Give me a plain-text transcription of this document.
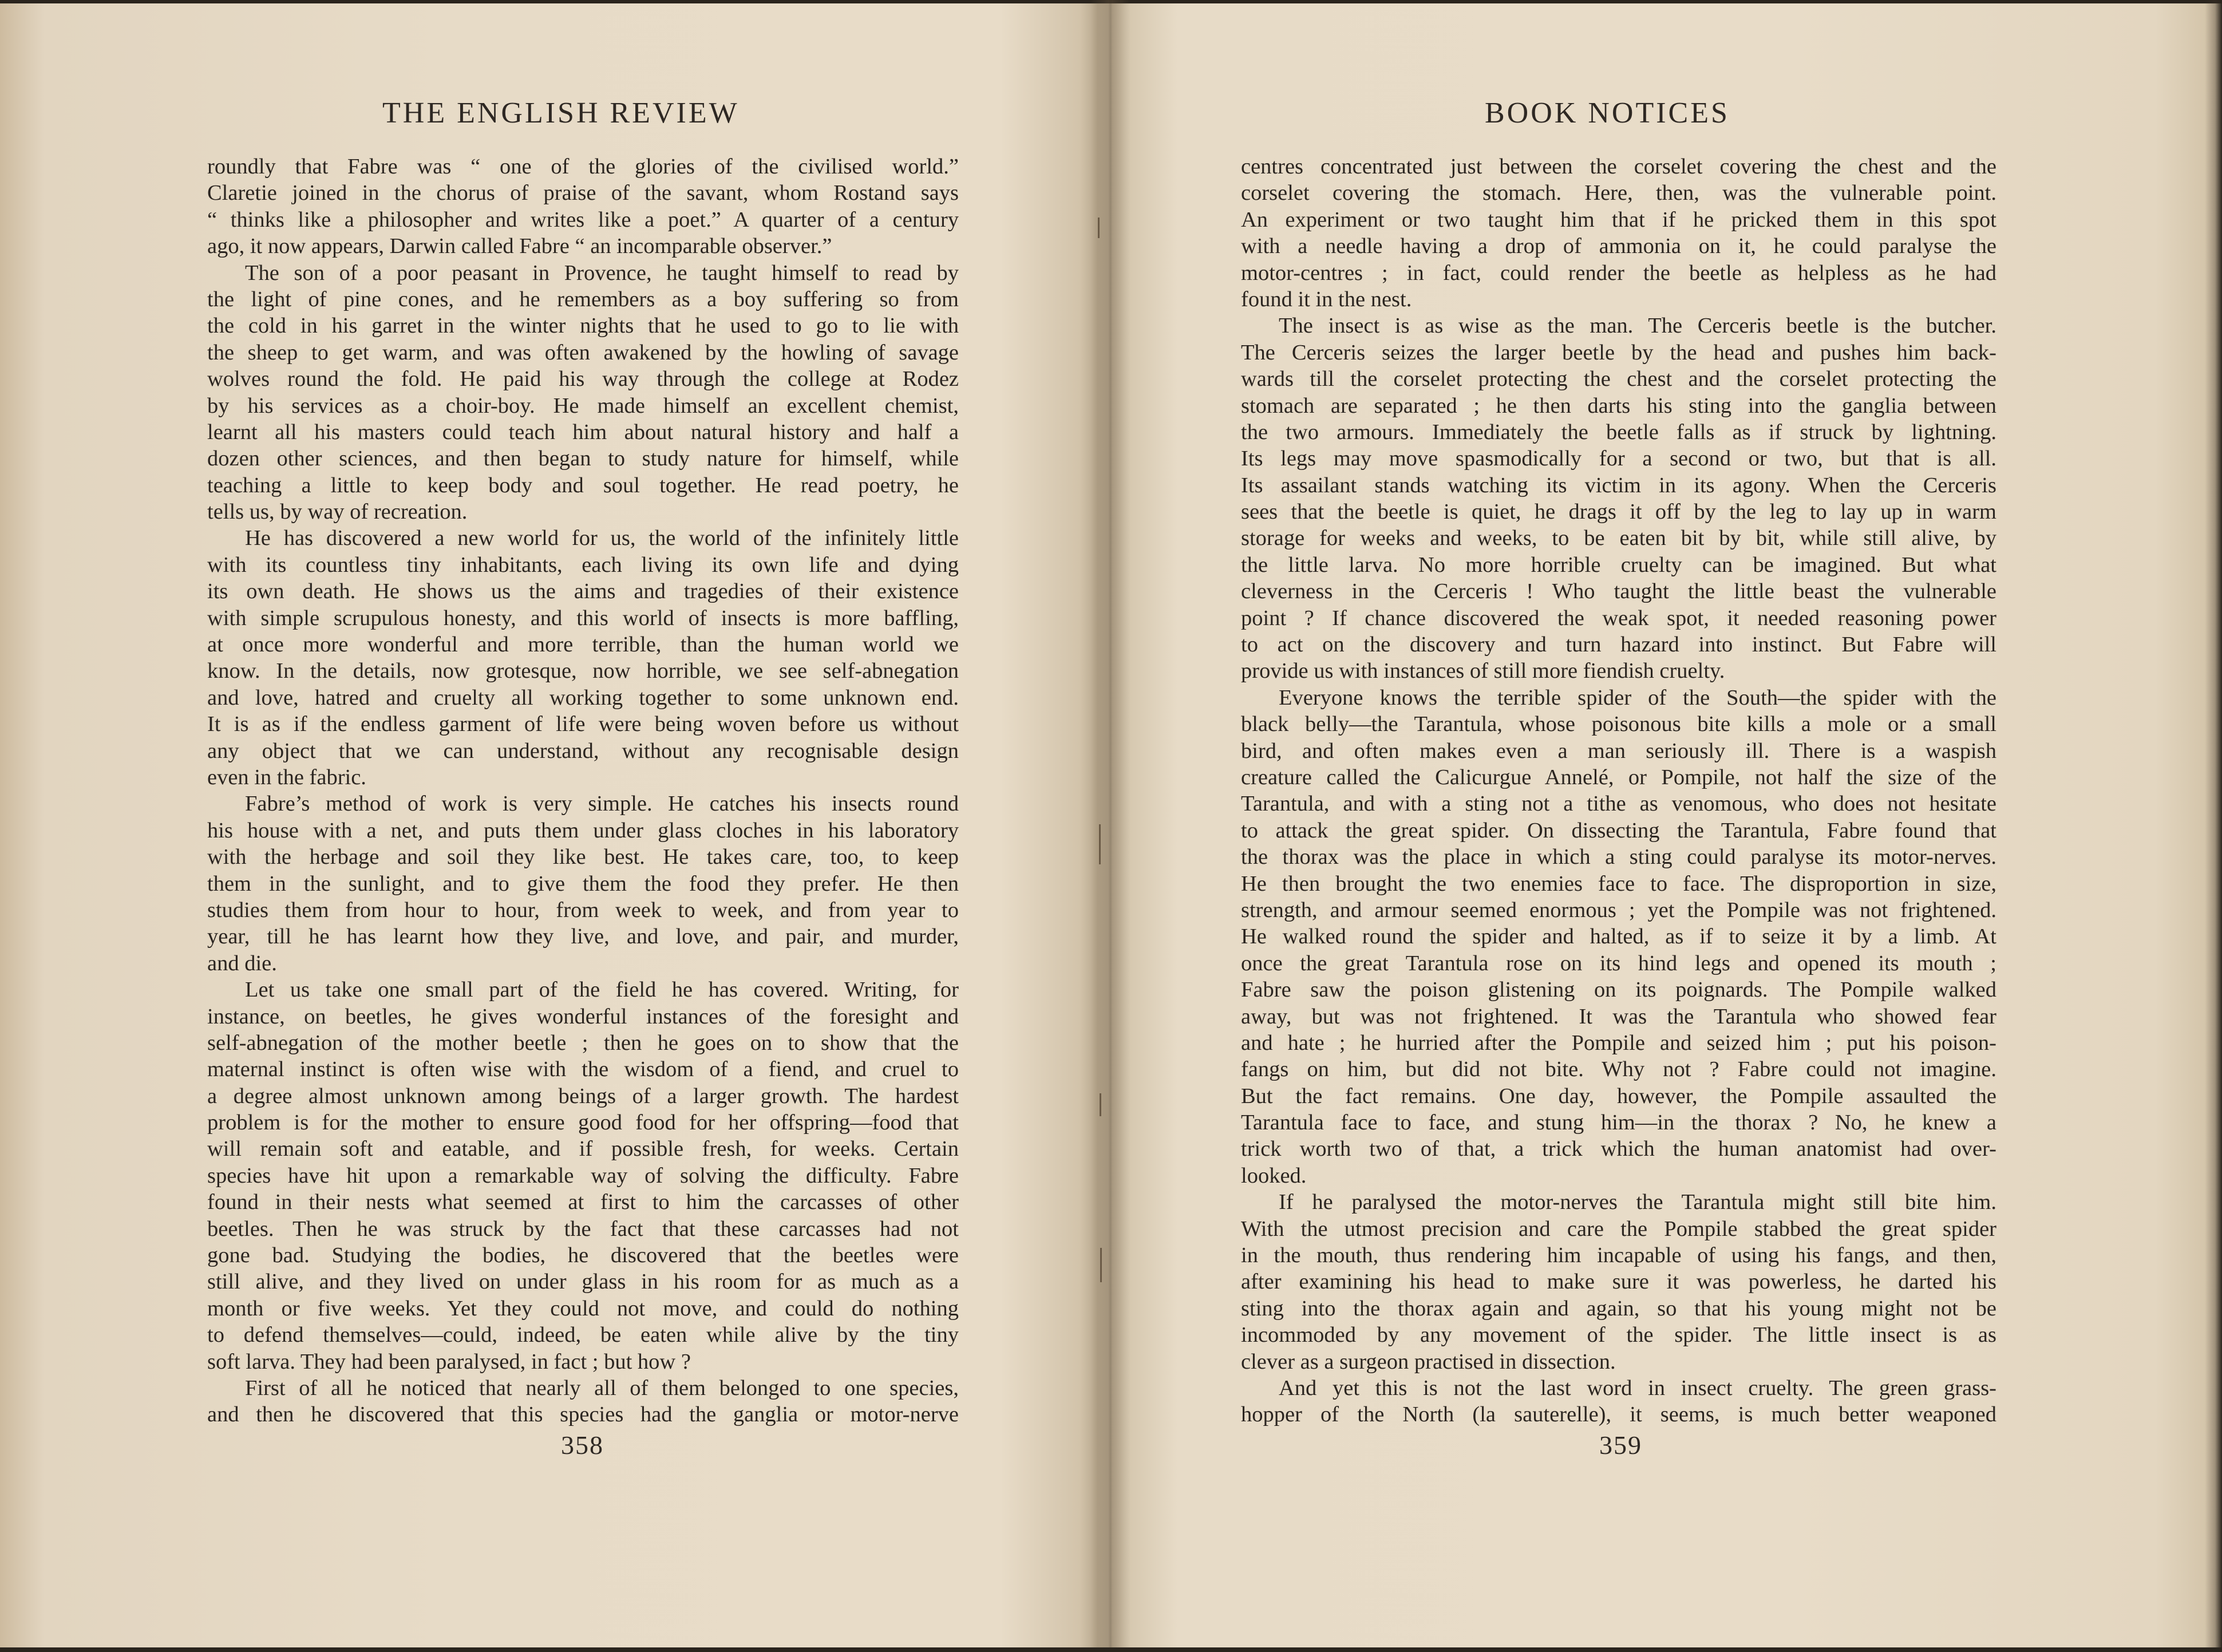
THE ENGLISH REVIEW
roundly that Fabre was “ one of the glories of the civilised world.”
Claretie joined in the chorus of praise of the savant, whom Rostand says
“ thinks like a philosopher and writes like a poet.” A quarter of a century
ago, it now appears, Darwin called Fabre “ an incomparable observer.”
The son of a poor peasant in Provence, he taught himself to read by
the light of pine cones, and he remembers as a boy suffering so from
the cold in his garret in the winter nights that he used to go to lie with
the sheep to get warm, and was often awakened by the howling of savage
wolves round the fold. He paid his way through the college at Rodez
by his services as a choir-boy. He made himself an excellent chemist,
learnt all his masters could teach him about natural history and half a
dozen other sciences, and then began to study nature for himself, while
teaching a little to keep body and soul together. He read poetry, he
tells us, by way of recreation.
He has discovered a new world for us, the world of the infinitely little
with its countless tiny inhabitants, each living its own life and dying
its own death. He shows us the aims and tragedies of their existence
with simple scrupulous honesty, and this world of insects is more baffling,
at once more wonderful and more terrible, than the human world we
know. In the details, now grotesque, now horrible, we see self-abnegation
and love, hatred and cruelty all working together to some unknown end.
It is as if the endless garment of life were being woven before us without
any object that we can understand, without any recognisable design
even in the fabric.
Fabre’s method of work is very simple. He catches his insects round
his house with a net, and puts them under glass cloches in his laboratory
with the herbage and soil they like best. He takes care, too, to keep
them in the sunlight, and to give them the food they prefer. He then
studies them from hour to hour, from week to week, and from year to
year, till he has learnt how they live, and love, and pair, and murder,
and die.
Let us take one small part of the field he has covered. Writing, for
instance, on beetles, he gives wonderful instances of the foresight and
self-abnegation of the mother beetle ; then he goes on to show that the
maternal instinct is often wise with the wisdom of a fiend, and cruel to
a degree almost unknown among beings of a larger growth. The hardest
problem is for the mother to ensure good food for her offspring—food that
will remain soft and eatable, and if possible fresh, for weeks. Certain
species have hit upon a remarkable way of solving the difficulty. Fabre
found in their nests what seemed at first to him the carcasses of other
beetles. Then he was struck by the fact that these carcasses had not
gone bad. Studying the bodies, he discovered that the beetles were
still alive, and they lived on under glass in his room for as much as a
month or five weeks. Yet they could not move, and could do nothing
to defend themselves—could, indeed, be eaten while alive by the tiny
soft larva. They had been paralysed, in fact ; but how ?
First of all he noticed that nearly all of them belonged to one species,
and then he discovered that this species had the ganglia or motor-nerve
358
BOOK NOTICES
centres concentrated just between the corselet covering the chest and the
corselet covering the stomach. Here, then, was the vulnerable point.
An experiment or two taught him that if he pricked them in this spot
with a needle having a drop of ammonia on it, he could paralyse the
motor-centres ; in fact, could render the beetle as helpless as he had
found it in the nest.
The insect is as wise as the man. The Cerceris beetle is the butcher.
The Cerceris seizes the larger beetle by the head and pushes him back-
wards till the corselet protecting the chest and the corselet protecting the
stomach are separated ; he then darts his sting into the ganglia between
the two armours. Immediately the beetle falls as if struck by lightning.
Its legs may move spasmodically for a second or two, but that is all.
Its assailant stands watching its victim in its agony. When the Cerceris
sees that the beetle is quiet, he drags it off by the leg to lay up in warm
storage for weeks and weeks, to be eaten bit by bit, while still alive, by
the little larva. No more horrible cruelty can be imagined. But what
cleverness in the Cerceris ! Who taught the little beast the vulnerable
point ? If chance discovered the weak spot, it needed reasoning power
to act on the discovery and turn hazard into instinct. But Fabre will
provide us with instances of still more fiendish cruelty.
Everyone knows the terrible spider of the South—the spider with the
black belly—the Tarantula, whose poisonous bite kills a mole or a small
bird, and often makes even a man seriously ill. There is a waspish
creature called the Calicurgue Annelé, or Pompile, not half the size of the
Tarantula, and with a sting not a tithe as venomous, who does not hesitate
to attack the great spider. On dissecting the Tarantula, Fabre found that
the thorax was the place in which a sting could paralyse its motor-nerves.
He then brought the two enemies face to face. The disproportion in size,
strength, and armour seemed enormous ; yet the Pompile was not frightened.
He walked round the spider and halted, as if to seize it by a limb. At
once the great Tarantula rose on its hind legs and opened its mouth ;
Fabre saw the poison glistening on its poignards. The Pompile walked
away, but was not frightened. It was the Tarantula who showed fear
and hate ; he hurried after the Pompile and seized him ; put his poison-
fangs on him, but did not bite. Why not ? Fabre could not imagine.
But the fact remains. One day, however, the Pompile assaulted the
Tarantula face to face, and stung him—in the thorax ? No, he knew a
trick worth two of that, a trick which the human anatomist had over-
looked.
If he paralysed the motor-nerves the Tarantula might still bite him.
With the utmost precision and care the Pompile stabbed the great spider
in the mouth, thus rendering him incapable of using his fangs, and then,
after examining his head to make sure it was powerless, he darted his
sting into the thorax again and again, so that his young might not be
incommoded by any movement of the spider. The little insect is as
clever as a surgeon practised in dissection.
And yet this is not the last word in insect cruelty. The green grass-
hopper of the North (la sauterelle), it seems, is much better weaponed
359
